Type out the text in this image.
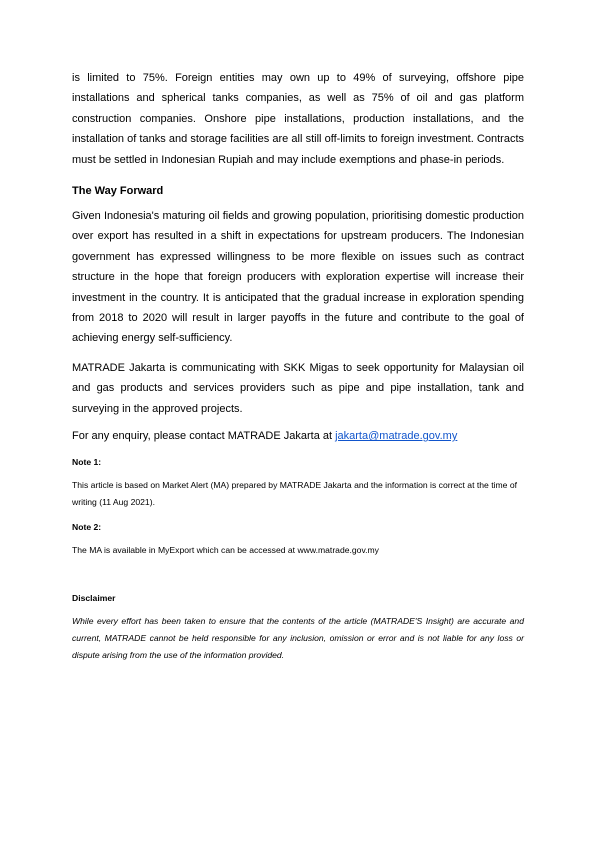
is limited to 75%. Foreign entities may own up to 49% of surveying, offshore pipe installations and spherical tanks companies, as well as 75% of oil and gas platform construction companies. Onshore pipe installations, production installations, and the installation of tanks and storage facilities are all still off-limits to foreign investment. Contracts must be settled in Indonesian Rupiah and may include exemptions and phase-in periods.

The Way Forward

Given Indonesia's maturing oil fields and growing population, prioritising domestic production over export has resulted in a shift in expectations for upstream producers. The Indonesian government has expressed willingness to be more flexible on issues such as contract structure in the hope that foreign producers with exploration expertise will increase their investment in the country. It is anticipated that the gradual increase in exploration spending from 2018 to 2020 will result in larger payoffs in the future and contribute to the goal of achieving energy self-sufficiency.

MATRADE Jakarta is communicating with SKK Migas to seek opportunity for Malaysian oil and gas products and services providers such as pipe and pipe installation, tank and surveying in the approved projects.

For any enquiry, please contact MATRADE Jakarta at jakarta@matrade.gov.my

Note 1:

This article is based on Market Alert (MA) prepared by MATRADE Jakarta and the information is correct at the time of writing (11 Aug 2021).

Note 2:

The MA is available in MyExport which can be accessed at www.matrade.gov.my

Disclaimer

While every effort has been taken to ensure that the contents of the article (MATRADE'S Insight) are accurate and current, MATRADE cannot be held responsible for any inclusion, omission or error and is not liable for any loss or dispute arising from the use of the information provided.
